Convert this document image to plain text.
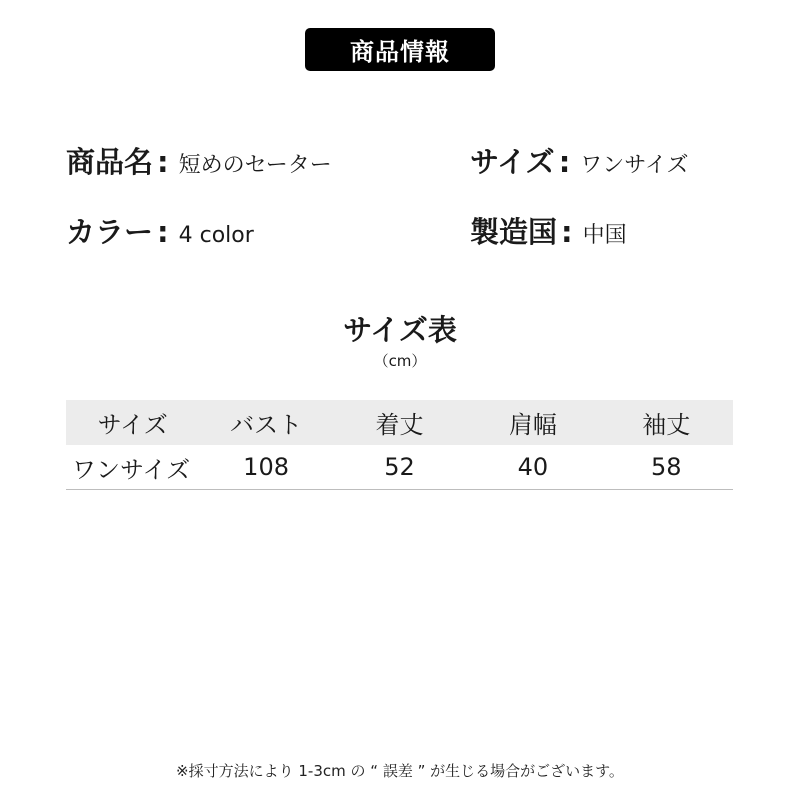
商品情報
商品名 : 短めのセーター	サイズ : ワンサイズ
カラー : 4 color	製造国 : 中国
サイズ表
（cm）
サイズ	バスト	着丈	肩幅	袖丈
ワンサイズ	108	52	40	58
※採寸方法により 1-3cm の “ 誤差 ” が生じる場合がございます。
